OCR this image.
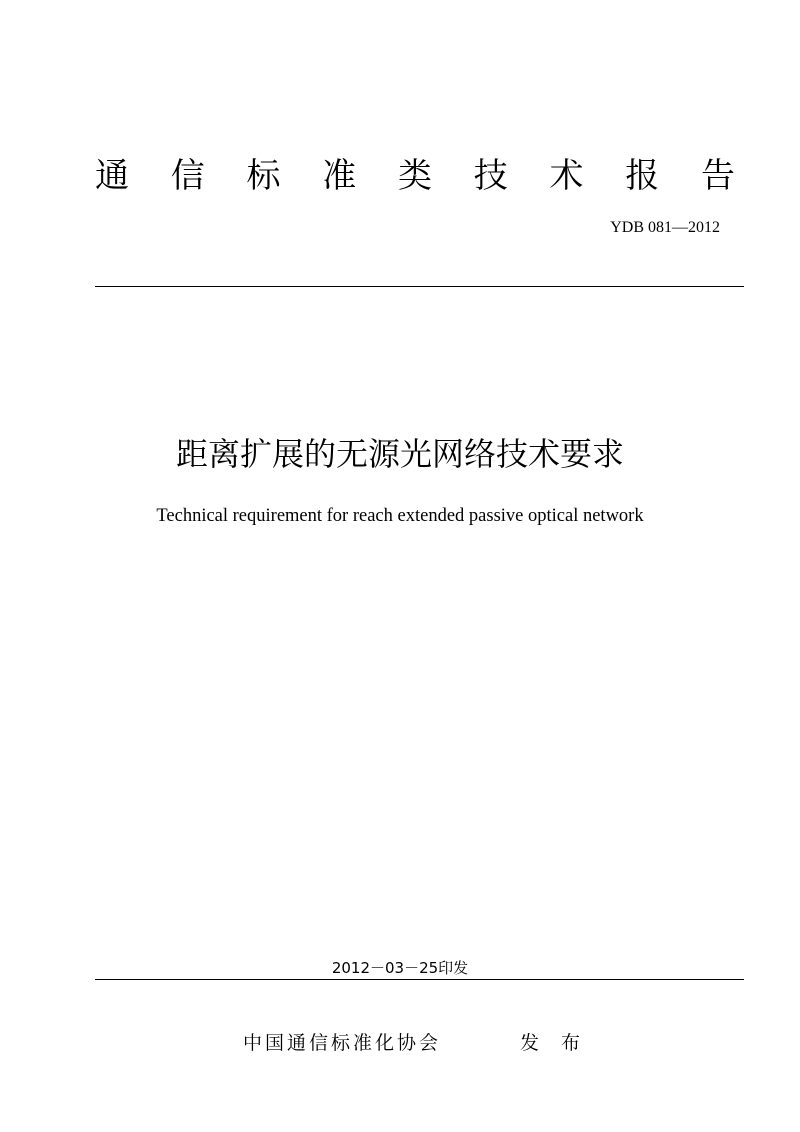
通 信 标 准 类 技 术 报 告
YDB 081—2012
距离扩展的无源光网络技术要求
Technical requirement for reach extended passive optical network
2012－03－25印发
中国通信标准化协会	发 布
